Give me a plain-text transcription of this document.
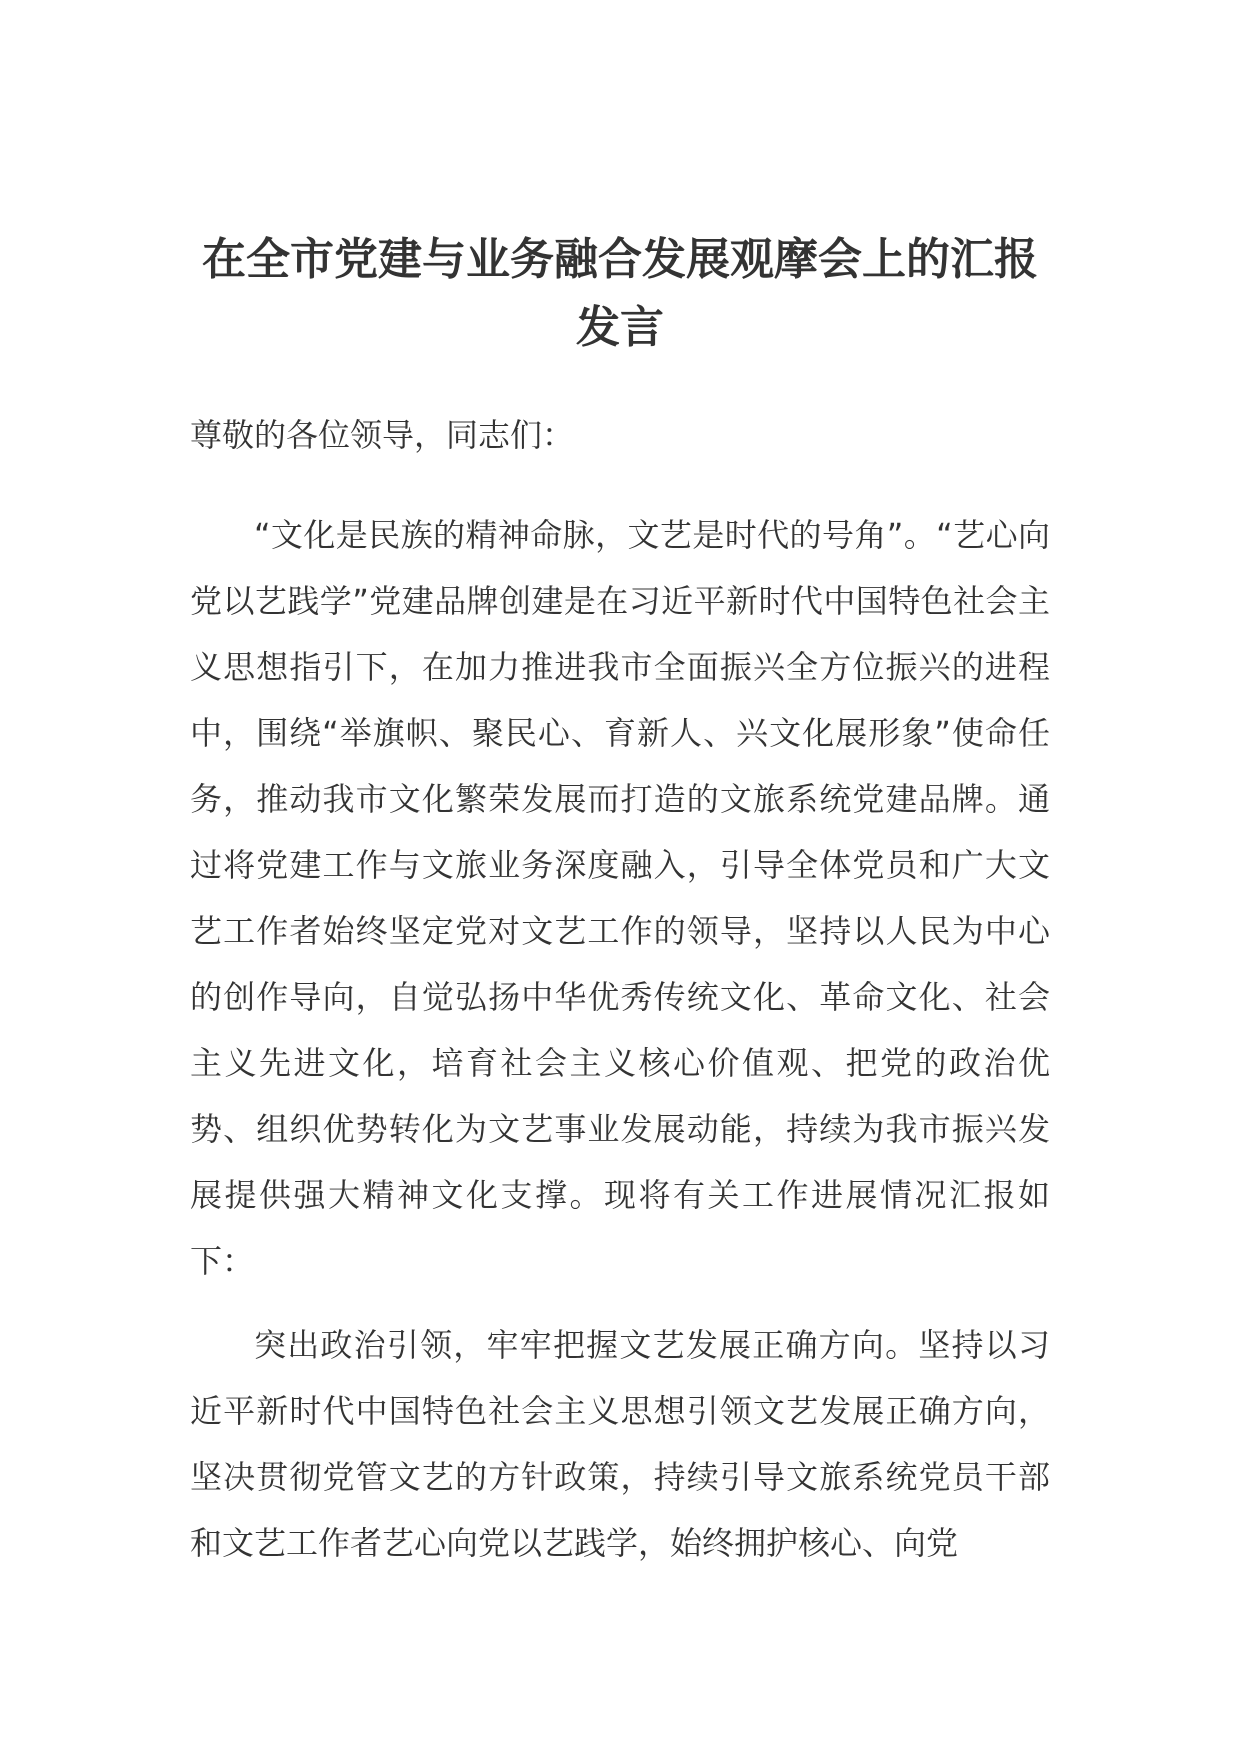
在全市党建与业务融合发展观摩会上的汇报发言

尊敬的各位领导，同志们：

“文化是民族的精神命脉，文艺是时代的号角”。“艺心向党以艺践学”党建品牌创建是在习近平新时代中国特色社会主义思想指引下，在加力推进我市全面振兴全方位振兴的进程中，围绕“举旗帜、聚民心、育新人、兴文化展形象”使命任务，推动我市文化繁荣发展而打造的文旅系统党建品牌。通过将党建工作与文旅业务深度融入，引导全体党员和广大文艺工作者始终坚定党对文艺工作的领导，坚持以人民为中心的创作导向，自觉弘扬中华优秀传统文化、革命文化、社会主义先进文化，培育社会主义核心价值观、把党的政治优势、组织优势转化为文艺事业发展动能，持续为我市振兴发展提供强大精神文化支撑。现将有关工作进展情况汇报如下：

突出政治引领，牢牢把握文艺发展正确方向。坚持以习近平新时代中国特色社会主义思想引领文艺发展正确方向，坚决贯彻党管文艺的方针政策，持续引导文旅系统党员干部和文艺工作者艺心向党以艺践学，始终拥护核心、向党
